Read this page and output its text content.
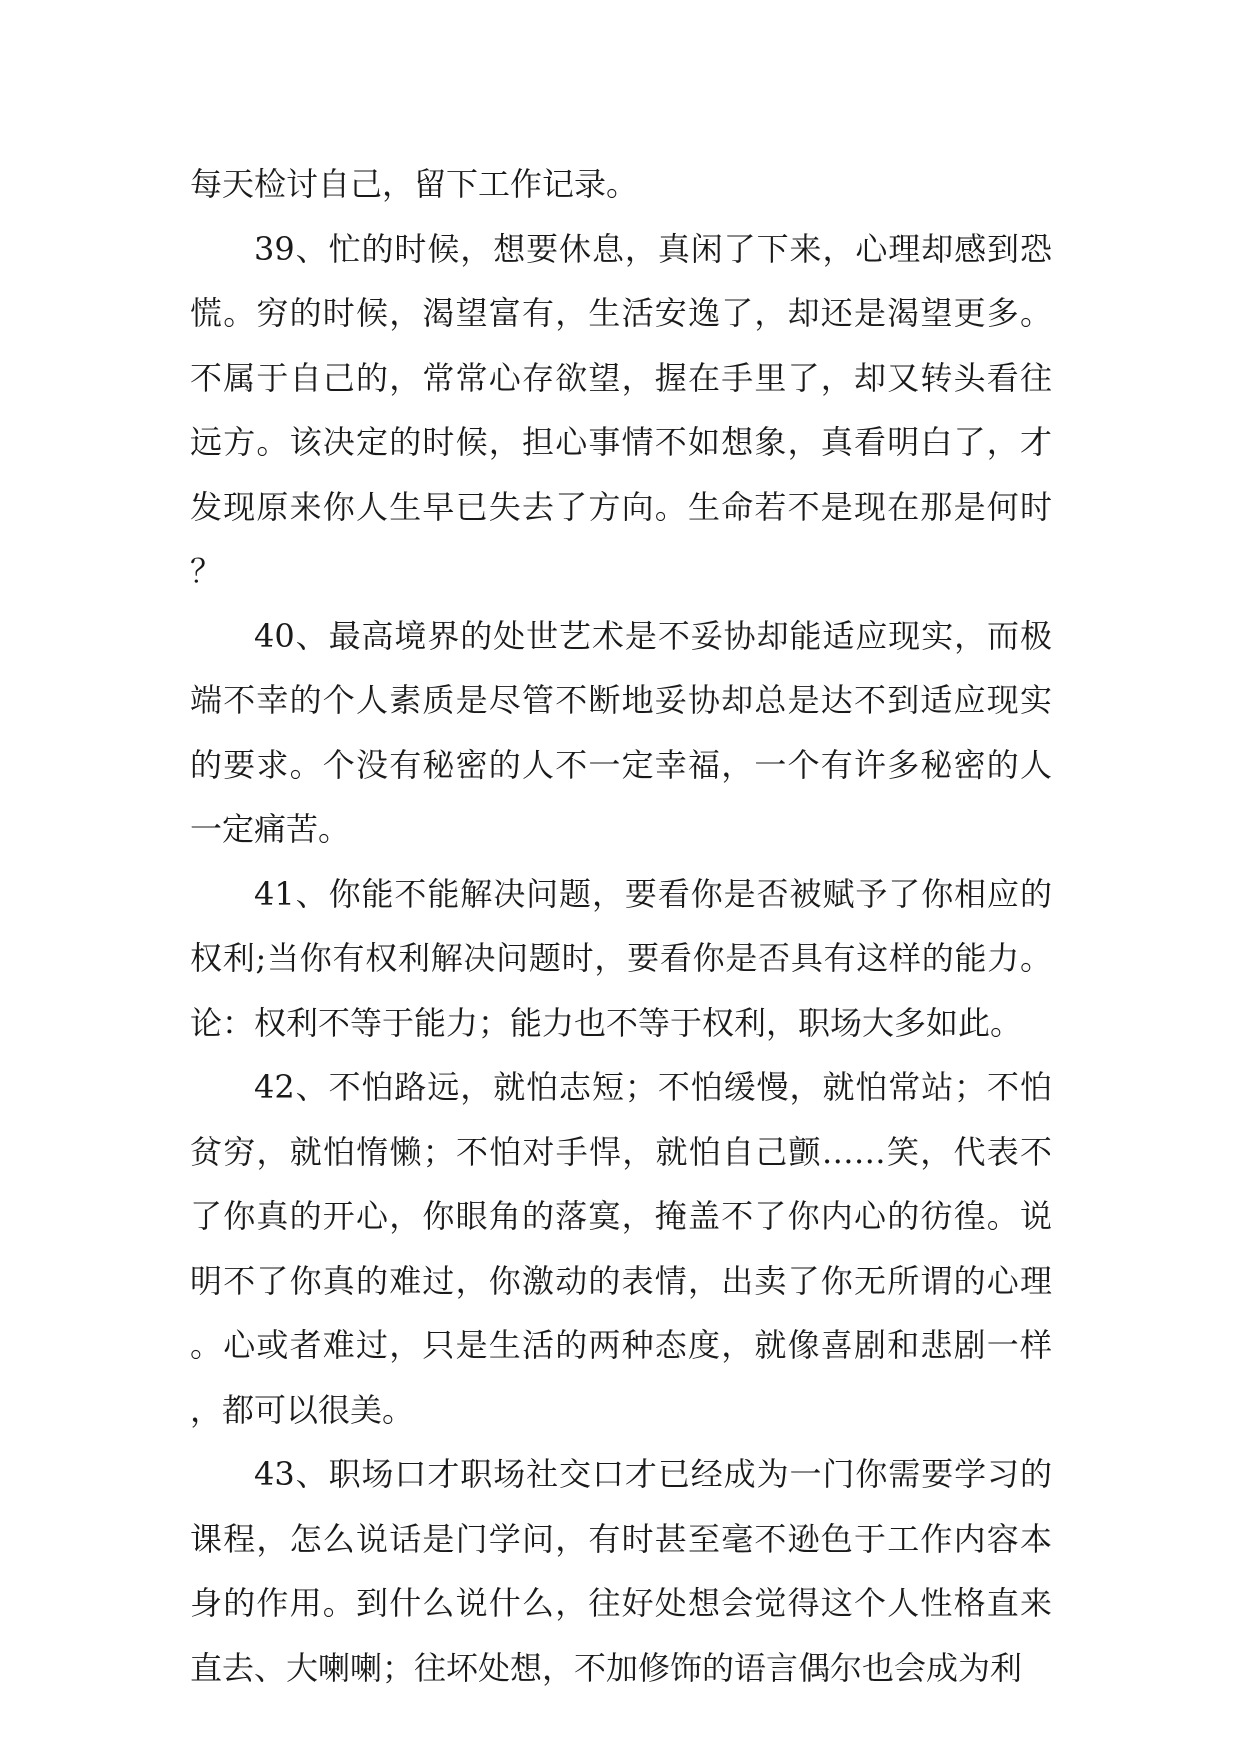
每天检讨自己，留下工作记录。

39、忙的时候，想要休息，真闲了下来，心理却感到恐慌。穷的时候，渴望富有，生活安逸了，却还是渴望更多。不属于自己的，常常心存欲望，握在手里了，却又转头看往远方。该决定的时候，担心事情不如想象，真看明白了，才发现原来你人生早已失去了方向。生命若不是现在那是何时？

40、最高境界的处世艺术是不妥协却能适应现实，而极端不幸的个人素质是尽管不断地妥协却总是达不到适应现实的要求。个没有秘密的人不一定幸福，一个有许多秘密的人一定痛苦。

41、你能不能解决问题，要看你是否被赋予了你相应的权利;当你有权利解决问题时，要看你是否具有这样的能力。论：权利不等于能力；能力也不等于权利，职场大多如此。

42、不怕路远，就怕志短；不怕缓慢，就怕常站；不怕贫穷，就怕惰懒；不怕对手悍，就怕自己颤……笑，代表不了你真的开心，你眼角的落寞，掩盖不了你内心的彷徨。说明不了你真的难过，你激动的表情，出卖了你无所谓的心理。心或者难过，只是生活的两种态度，就像喜剧和悲剧一样，都可以很美。

43、职场口才职场社交口才已经成为一门你需要学习的课程，怎么说话是门学问，有时甚至毫不逊色于工作内容本身的作用。到什么说什么，往好处想会觉得这个人性格直来直去、大喇喇；往坏处想，不加修饰的语言偶尔也会成为利
